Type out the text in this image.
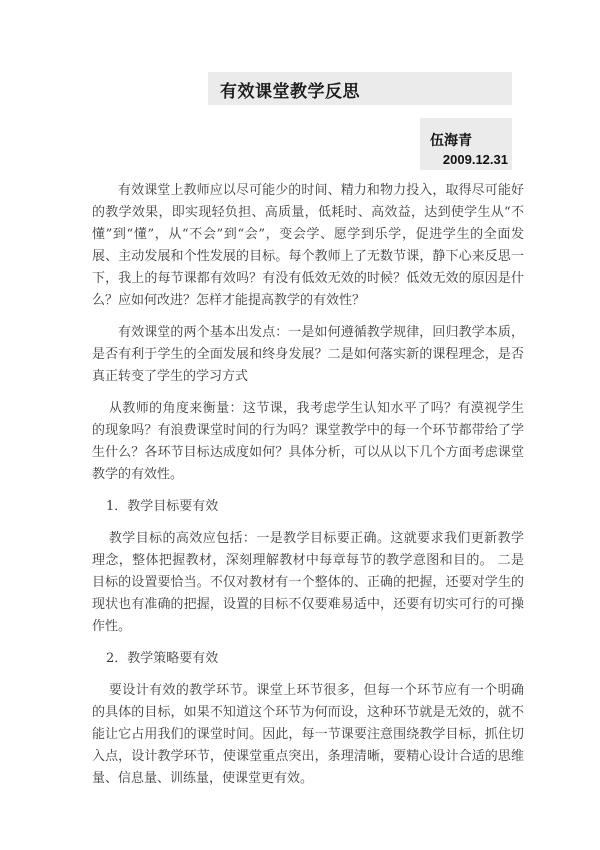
有效课堂教学反思
伍海青
2009.12.31

有效课堂上教师应以尽可能少的时间、精力和物力投入，取得尽可能好的教学效果，即实现轻负担、高质量，低耗时、高效益，达到使学生从“不懂”到“懂”，从“不会”到“会”，变会学、愿学到乐学，促进学生的全面发展、主动发展和个性发展的目标。每个教师上了无数节课，静下心来反思一下，我上的每节课都有效吗？有没有低效无效的时候？低效无效的原因是什么？应如何改进？怎样才能提高教学的有效性？

有效课堂的两个基本出发点：一是如何遵循教学规律，回归教学本质，是否有利于学生的全面发展和终身发展？二是如何落实新的课程理念，是否真正转变了学生的学习方式

从教师的角度来衡量：这节课，我考虑学生认知水平了吗？有漠视学生的现象吗？有浪费课堂时间的行为吗？课堂教学中的每一个环节都带给了学生什么？各环节目标达成度如何？具体分析，可以从以下几个方面考虑课堂教学的有效性。

1．教学目标要有效

教学目标的高效应包括：一是教学目标要正确。这就要求我们更新教学理念，整体把握教材，深刻理解教材中每章每节的教学意图和目的。 二是目标的设置要恰当。不仅对教材有一个整体的、正确的把握，还要对学生的现状也有准确的把握，设置的目标不仅要难易适中，还要有切实可行的可操作性。

2．教学策略要有效

要设计有效的教学环节。课堂上环节很多，但每一个环节应有一个明确的具体的目标，如果不知道这个环节为何而设，这种环节就是无效的，就不能让它占用我们的课堂时间。因此，每一节课要注意围绕教学目标，抓住切入点，设计教学环节，使课堂重点突出，条理清晰，要精心设计合适的思维量、信息量、训练量，使课堂更有效。
